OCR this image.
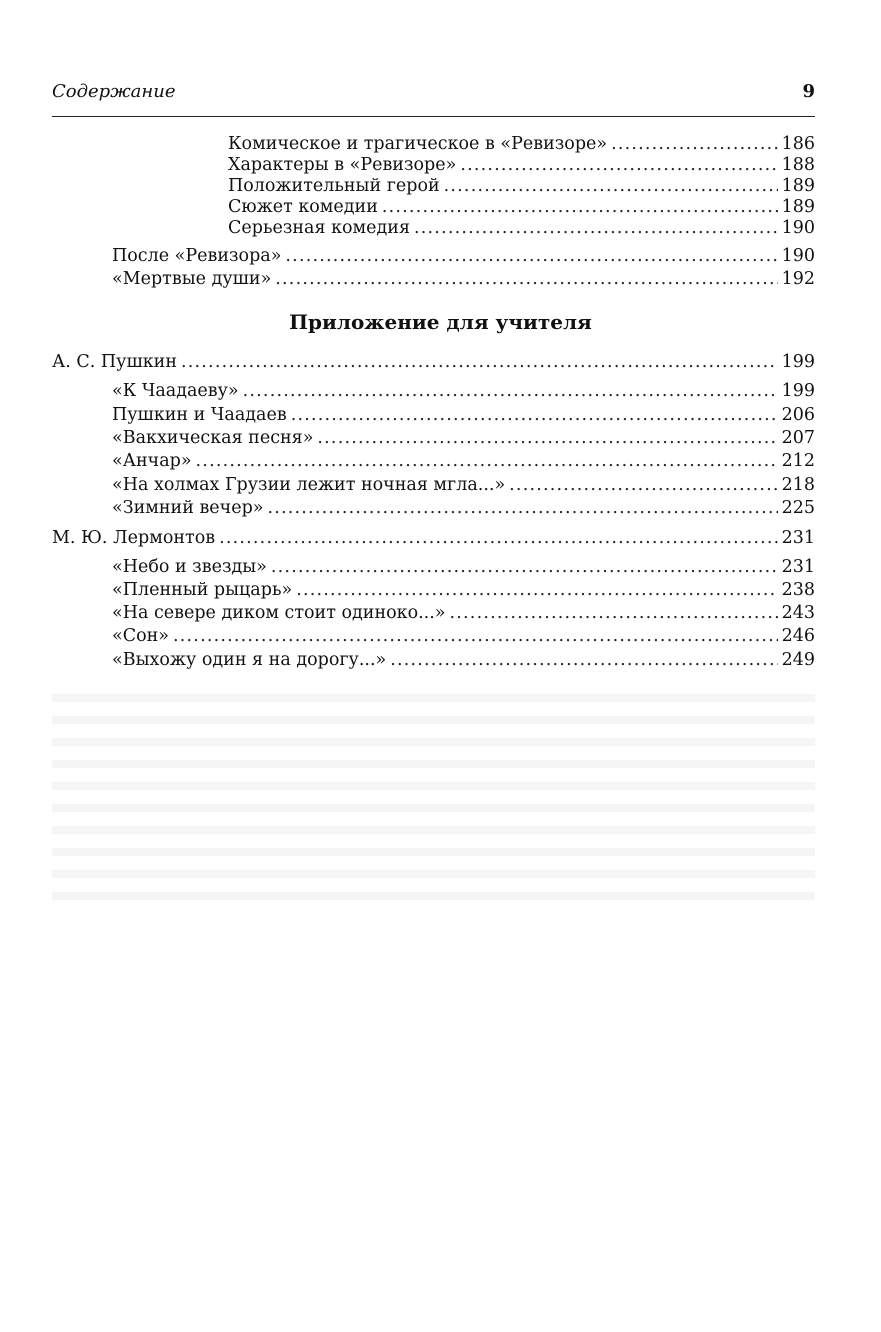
Содержание	9
Комическое и трагическое в «Ревизоре» .....	186
Характеры в «Ревизоре» .....	188
Положительный герой .....	189
Сюжет комедии .....	189
Серьезная комедия .....	190
После «Ревизора» .....	190
«Мертвые души» .....	192
Приложение для учителя
А. С. Пушкин .....	199
«К Чаадаеву» .....	199
Пушкин и Чаадаев .....	206
«Вакхическая песня» .....	207
«Анчар» .....	212
«На холмах Грузии лежит ночная мгла...» .....	218
«Зимний вечер» .....	225
М. Ю. Лермонтов .....	231
«Небо и звезды» .....	231
«Пленный рыцарь» .....	238
«На севере диком стоит одиноко...» .....	243
«Сон» .....	246
«Выхожу один я на дорогу...» .....	249
